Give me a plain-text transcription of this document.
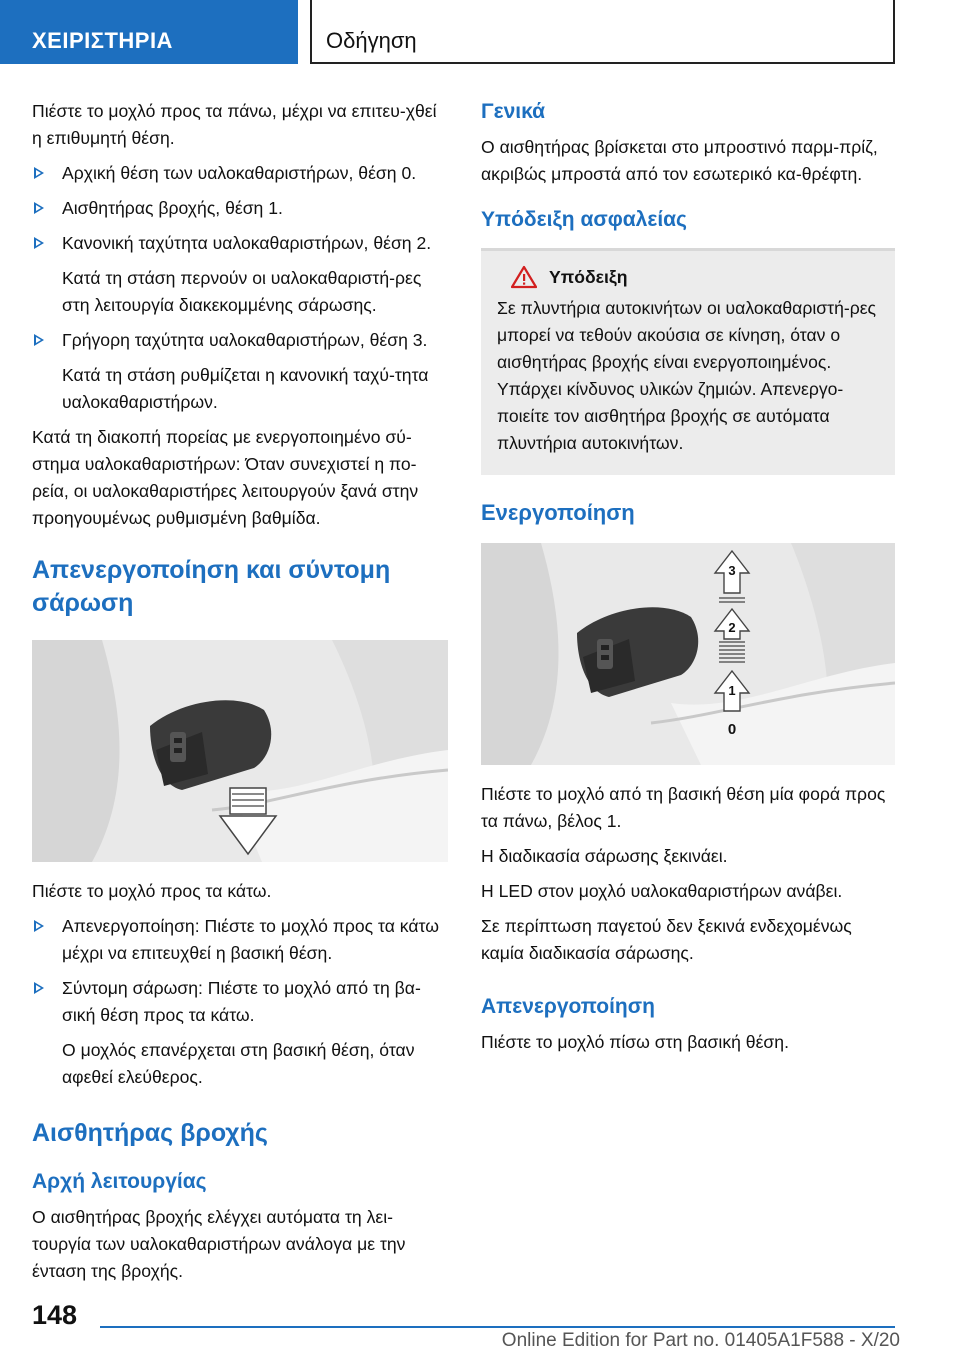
ΧΕΙΡΙΣΤΗΡΙΑ	Οδήγηση

Πιέστε το μοχλό προς τα πάνω, μέχρι να επιτευ-χθεί η επιθυμητή θέση.

Αρχική θέση των υαλοκαθαριστήρων, θέση 0.
Αισθητήρας βροχής, θέση 1.
Κανονική ταχύτητα υαλοκαθαριστήρων, θέση 2.
Κατά τη στάση περνούν οι υαλοκαθαριστή-ρες στη λειτουργία διακεκομμένης σάρωσης.
Γρήγορη ταχύτητα υαλοκαθαριστήρων, θέση 3.
Κατά τη στάση ρυθμίζεται η κανονική ταχύ-τητα υαλοκαθαριστήρων.

Κατά τη διακοπή πορείας με ενεργοποιημένο σύ-στημα υαλοκαθαριστήρων: Όταν συνεχιστεί η πο-ρεία, οι υαλοκαθαριστήρες λειτουργούν ξανά στην προηγουμένως ρυθμισμένη βαθμίδα.

Απενεργοποίηση και σύντομη σάρωση

Πιέστε το μοχλό προς τα κάτω.

Απενεργοποίηση: Πιέστε το μοχλό προς τα κάτω μέχρι να επιτευχθεί η βασική θέση.
Σύντομη σάρωση: Πιέστε το μοχλό από τη βα-σική θέση προς τα κάτω.
Ο μοχλός επανέρχεται στη βασική θέση, όταν αφεθεί ελεύθερος.
Αισθητήρας βροχής
Αρχή λειτουργίας

Ο αισθητήρας βροχής ελέγχει αυτόματα τη λει-τουργία των υαλοκαθαριστήρων ανάλογα με την ένταση της βροχής.

Γενικά

Ο αισθητήρας βρίσκεται στο μπροστινό παρμ-πρίζ, ακριβώς μπροστά από τον εσωτερικό κα-θρέφτη.

Υπόδειξη ασφαλείας
Υπόδειξη

Σε πλυντήρια αυτοκινήτων οι υαλοκαθαριστή-ρες μπορεί να τεθούν ακούσια σε κίνηση, όταν ο αισθητήρας βροχής είναι ενεργοποιημένος. Υπάρχει κίνδυνος υλικών ζημιών. Απενεργο-ποιείτε τον αισθητήρα βροχής σε αυτόματα πλυντήρια αυτοκινήτων.

Ενεργοποίηση
3
2
1
0

Πιέστε το μοχλό από τη βασική θέση μία φορά προς τα πάνω, βέλος 1.

Η διαδικασία σάρωσης ξεκινάει.

Η LED στον μοχλό υαλοκαθαριστήρων ανάβει.

Σε περίπτωση παγετού δεν ξεκινά ενδεχομένως καμία διαδικασία σάρωσης.

Απενεργοποίηση

Πιέστε το μοχλό πίσω στη βασική θέση.

148
Online Edition for Part no. 01405A1F588 - X/20
